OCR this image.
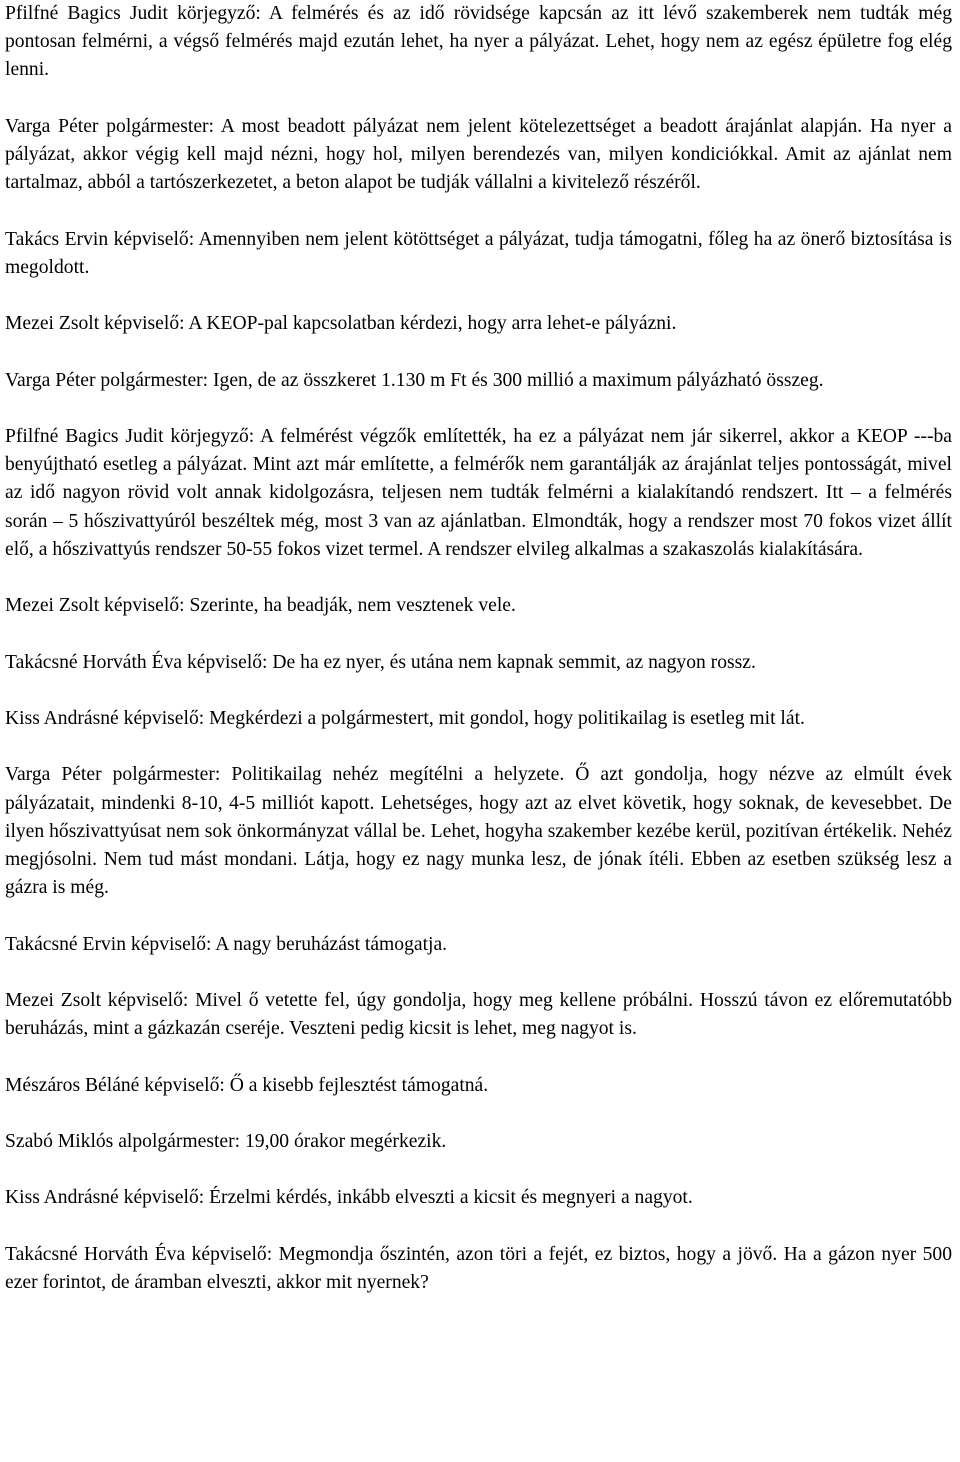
Pfilfné Bagics Judit körjegyző: A felmérés és az idő rövidsége kapcsán az itt lévő szakemberek nem tudták még pontosan felmérni, a végső felmérés majd ezután lehet, ha nyer a pályázat. Lehet, hogy nem az egész épületre fog elég lenni.

Varga Péter polgármester: A most beadott pályázat nem jelent kötelezettséget a beadott árajánlat alapján. Ha nyer a pályázat, akkor végig kell majd nézni, hogy hol, milyen berendezés van, milyen kondiciókkal. Amit az ajánlat nem tartalmaz, abból a tartószerkezetet, a beton alapot be tudják vállalni a kivitelező részéről.

Takács Ervin képviselő: Amennyiben nem jelent kötöttséget a pályázat, tudja támogatni, főleg ha az önerő biztosítása is megoldott.

Mezei Zsolt képviselő: A KEOP-pal kapcsolatban kérdezi, hogy arra lehet-e pályázni.

Varga Péter polgármester: Igen, de az összkeret 1.130 m Ft és 300 millió a maximum pályázható összeg.

Pfilfné Bagics Judit körjegyző: A felmérést végzők említették, ha ez a pályázat nem jár sikerrel, akkor a KEOP ---ba benyújtható esetleg a pályázat. Mint azt már említette, a felmérők nem garantálják az árajánlat teljes pontosságát, mivel az idő nagyon rövid volt annak kidolgozásra, teljesen nem tudták felmérni a kialakítandó rendszert. Itt – a felmérés során – 5 hőszivattyúról beszéltek még, most 3 van az ajánlatban. Elmondták, hogy a rendszer most 70 fokos vizet állít elő, a hőszivattyús rendszer 50-55 fokos vizet termel. A rendszer elvileg alkalmas a szakaszolás kialakítására.

Mezei Zsolt képviselő: Szerinte, ha beadják, nem vesztenek vele.

Takácsné Horváth Éva képviselő: De ha ez nyer, és utána nem kapnak semmit, az nagyon rossz.

Kiss Andrásné képviselő: Megkérdezi a polgármestert, mit gondol, hogy politikailag is esetleg mit lát.

Varga Péter polgármester: Politikailag nehéz megítélni a helyzete. Ő azt gondolja, hogy nézve az elmúlt évek pályázatait, mindenki 8-10, 4-5 milliót kapott. Lehetséges, hogy azt az elvet követik, hogy soknak, de kevesebbet. De ilyen hőszivattyúsat nem sok önkormányzat vállal be. Lehet, hogyha szakember kezébe kerül, pozitívan értékelik. Nehéz megjósolni. Nem tud mást mondani. Látja, hogy ez nagy munka lesz, de jónak ítéli. Ebben az esetben szükség lesz a gázra is még.

Takácsné Ervin képviselő: A nagy beruházást támogatja.

Mezei Zsolt képviselő: Mivel ő vetette fel, úgy gondolja, hogy meg kellene próbálni. Hosszú távon ez előremutatóbb beruházás, mint a gázkazán cseréje. Veszteni pedig kicsit is lehet, meg nagyot is.

Mészáros Béláné képviselő: Ő a kisebb fejlesztést támogatná.

Szabó Miklós alpolgármester: 19,00 órakor megérkezik.

Kiss Andrásné képviselő: Érzelmi kérdés, inkább elveszti a kicsit és megnyeri a nagyot.

Takácsné Horváth Éva képviselő: Megmondja őszintén, azon töri a fejét, ez biztos, hogy a jövő. Ha a gázon nyer 500 ezer forintot, de áramban elveszti, akkor mit nyernek?
